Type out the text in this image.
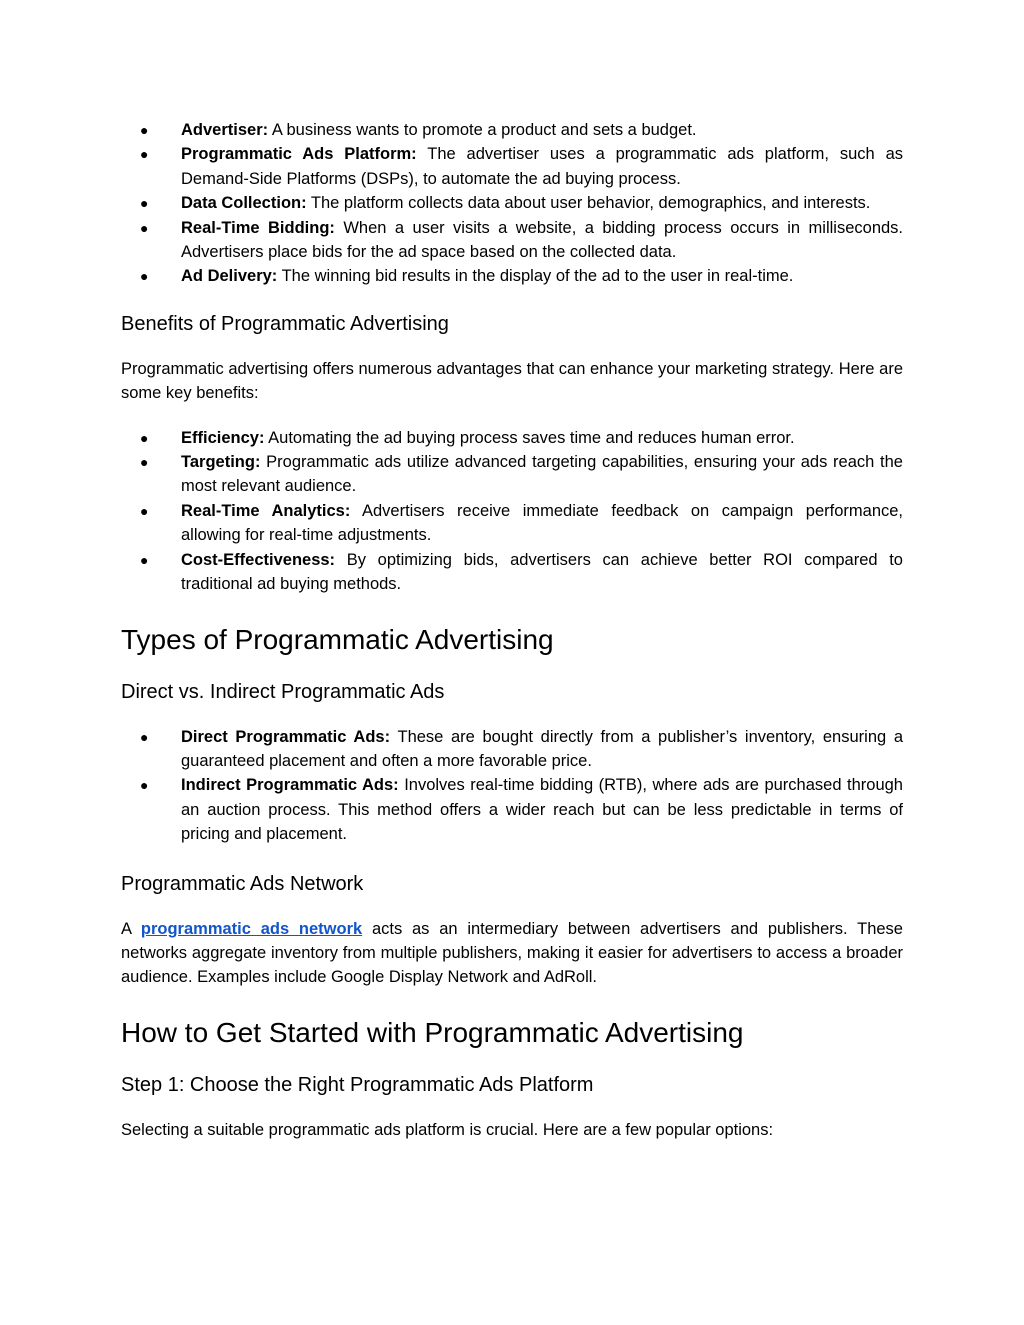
● Advertiser: A business wants to promote a product and sets a budget.
● Programmatic Ads Platform: The advertiser uses a programmatic ads platform, such as Demand-Side Platforms (DSPs), to automate the ad buying process.
● Data Collection: The platform collects data about user behavior, demographics, and interests.
● Real-Time Bidding: When a user visits a website, a bidding process occurs in milliseconds. Advertisers place bids for the ad space based on the collected data.
● Ad Delivery: The winning bid results in the display of the ad to the user in real-time.
Benefits of Programmatic Advertising

Programmatic advertising offers numerous advantages that can enhance your marketing strategy. Here are some key benefits:

● Efficiency: Automating the ad buying process saves time and reduces human error.
● Targeting: Programmatic ads utilize advanced targeting capabilities, ensuring your ads reach the most relevant audience.
● Real-Time Analytics: Advertisers receive immediate feedback on campaign performance, allowing for real-time adjustments.
● Cost-Effectiveness: By optimizing bids, advertisers can achieve better ROI compared to traditional ad buying methods.
Types of Programmatic Advertising
Direct vs. Indirect Programmatic Ads
● Direct Programmatic Ads: These are bought directly from a publisher’s inventory, ensuring a guaranteed placement and often a more favorable price.
● Indirect Programmatic Ads: Involves real-time bidding (RTB), where ads are purchased through an auction process. This method offers a wider reach but can be less predictable in terms of pricing and placement.
Programmatic Ads Network

A programmatic ads network acts as an intermediary between advertisers and publishers. These networks aggregate inventory from multiple publishers, making it easier for advertisers to access a broader audience. Examples include Google Display Network and AdRoll.

How to Get Started with Programmatic Advertising
Step 1: Choose the Right Programmatic Ads Platform

Selecting a suitable programmatic ads platform is crucial. Here are a few popular options:
